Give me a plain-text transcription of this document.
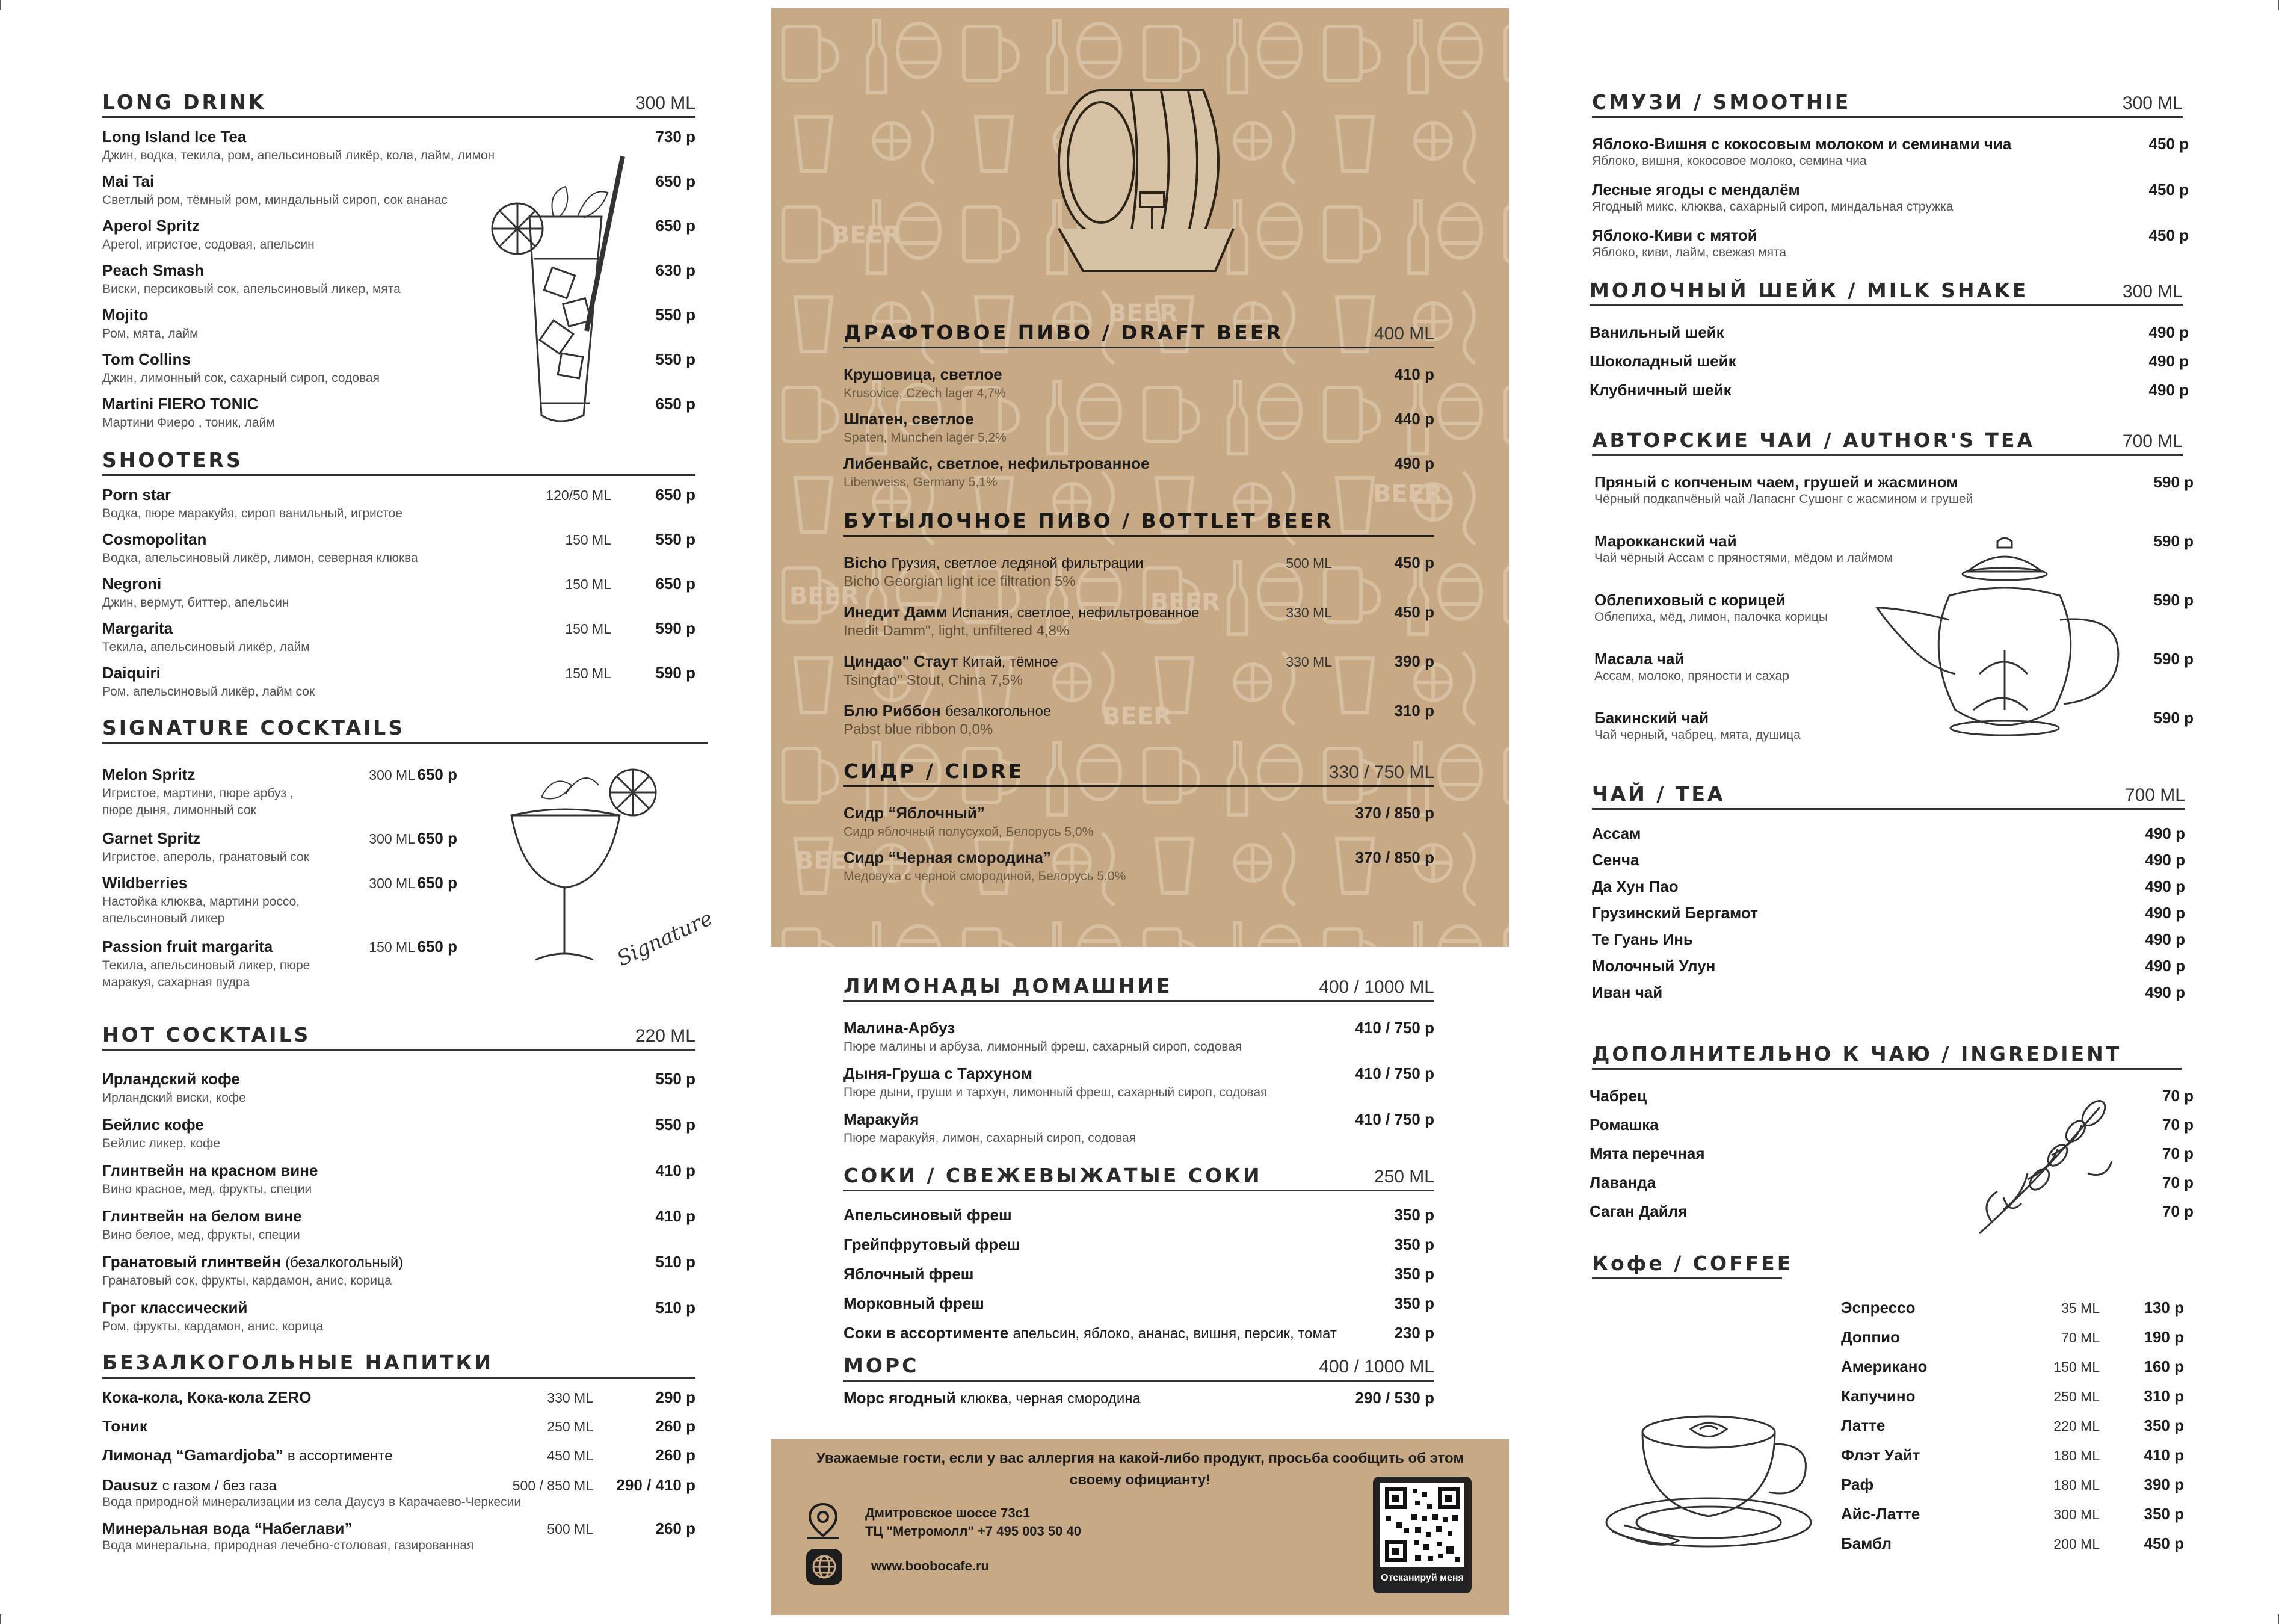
LONG DRINK	300 ML
Long Island Ice Tea
Джин, водка, текила, ром, апельсиновый ликёр, кола, лайм, лимон
730 р
Mai Tai
Светлый ром, тёмный ром, миндальный сироп, сок ананас
650 р
Aperol Spritz
Aperol, игристое, содовая, апельсин
650 р
Peach Smash
Виски, персиковый сок, апельсиновый ликер, мята
630 р
Mojito
Ром, мята, лайм
550 р
Tom Collins
Джин, лимонный сок, сахарный сироп, содовая
550 р
Martini FIERO TONIC
Мартини Фиеро , тоник, лайм
650 р
SHOOTERS
Porn star
Водка, пюре маракуйя, сироп ванильный, игристое
120/50 ML	650 р
Cosmopolitan
Водка, апельсиновый ликёр, лимон, северная клюква
150 ML	550 р
Negroni
Джин, вермут, биттер, апельсин
150 ML	650 р
Margarita
Текила, апельсиновый ликёр, лайм
150 ML	590 р
Daiquiri
Ром, апельсиновый ликёр, лайм сок
150 ML	590 р
SIGNATURE COCKTAILS
Melon Spritz
Игристое, мартини, пюре арбуз ,
пюре дыня, лимонный сок
300 ML 650 р
Garnet Spritz
Игристое, апероль, гранатовый сок
300 ML 650 р
Wildberries
Настойка клюква, мартини россо,
апельсиновый ликер
300 ML 650 р
Passion fruit margarita
Текила, апельсиновый ликер, пюре
маракуя, сахарная пудра
150 ML 650 р	Signature
HOT COCKTAILS	220 ML
Ирландский кофе
Ирландский виски, кофе
550 р
Бейлис кофе
Бейлис ликер, кофе
550 р
Глинтвейн на красном вине
Вино красное, мед, фрукты, специи
410 р
Глинтвейн на белом вине
Вино белое, мед, фрукты, специи
410 р
Гранатовый глинтвейн (безалкогольный)
Гранатовый сок, фрукты, кардамон, анис, корица
510 р
Грог классический
Ром, фрукты, кардамон, анис, корица
510 р
БЕЗАЛКОГОЛЬНЫЕ НАПИТКИ
Кока-кола, Кока-кола ZERO	330 ML	290 р
Тоник	250 ML	260 р
Лимонад “Gamardjoba” в ассортименте	450 ML	260 р
Dausuz с газом / без газа
Вода природной минерализации из села Даусуз в Карачаево-Черкесии
500 / 850 ML 290 / 410 р
Минеральная вода “Набеглави”
Вода минеральна, природная лечебно-столовая, газированная
500 ML	260 р
BEER
BEER
BEER
BEER
BEER
BEER
BEER
ДРАФТОВОЕ ПИВО / DRAFT BEER	400 ML
Крушовица, светлое
Krusovice, Czech lager 4,7%
410 р
Шпатен, светлое
Spaten, Munchen lager 5,2%
440 р
Либенвайс, светлое, нефильтрованное
Libenweiss, Germany 5,1%
490 р
БУТЫЛОЧНОЕ ПИВО / BOTTLET BEER
Bicho Грузия, светлое ледяной фильтрации
Bicho Georgian light ice filtration 5%
500 ML	450 р
Инедит Дамм Испания, светлое, нефильтрованное
Inedit Damm", light, unfiltered 4,8%
330 ML	450 р
Циндао" Стаут Китай, тёмное
Tsingtao" Stout, China 7,5%
330 ML	390 р
Блю Риббон безалкогольное
Pabst blue ribbon 0,0%
310 р
СИДР / CIDRE	330 / 750 ML
Сидр “Яблочный”
Сидр яблочный полусухой, Белорусь 5,0%
370 / 850 р
Сидр “Черная смородина”
Медовуха с черной смородиной, Белорусь 5,0%
370 / 850 р
ЛИМОНАДЫ ДОМАШНИЕ	400 / 1000 ML
Малина-Арбуз
Пюре малины и арбуза, лимонный фреш, сахарный сироп, содовая
410 / 750 р
Дыня-Груша с Тархуном
Пюре дыни, груши и тархун, лимонный фреш, сахарный сироп, содовая
410 / 750 р
Маракуйя
Пюре маракуйя, лимон, сахарный сироп, содовая
410 / 750 р
СОКИ / СВЕЖЕВЫЖАТЫЕ СОКИ	250 ML
Апельсиновый фреш	350 р
Грейпфрутовый фреш	350 р
Яблочный фреш	350 р
Морковный фреш	350 р
Соки в ассортименте апельсин, яблоко, ананас, вишня, персик, томат	230 р
МОРС	400 / 1000 ML
Морс ягодный клюква, черная смородина	290 / 530 р
Уважаемые гости, если у вас аллергия на какой-либо продукт, просьба сообщить об этом своему официанту!
Дмитровское шоссе 73с1
ТЦ "Метромолл" +7 495 003 50 40
www.boobocafe.ru
Отсканируй меня
СМУЗИ / SMOOTHIE	300 ML
Яблоко-Вишня с кокосовым молоком и семинами чиа
Яблоко, вишня, кокосовое молоко, семина чиа
450 р
Лесные ягоды с мендалём
Ягодный микс, клюква, сахарный сироп, миндальная стружка
450 р
Яблоко-Киви с мятой
Яблоко, киви, лайм, свежая мята
450 р
МОЛОЧНЫЙ ШЕЙК / MILK SHAKE	300 ML
Ванильный шейк	490 р
Шоколадный шейк	490 р
Клубничный шейк	490 р
АВТОРСКИЕ ЧАИ / AUTHOR'S TEA	700 ML
Пряный с копченым чаем, грушей и жасмином
Чёрный подкапчёный чай Лапаснг Сушонг с жасмином и грушей
590 р
Марокканский чай
Чай чёрный Ассам с пряностями, мёдом и лаймом
590 р
Облепиховый с корицей
Облепиха, мёд, лимон, палочка корицы
590 р
Масала чай
Ассам, молоко, пряности и сахар
590 р
Бакинский чай
Чай черный, чабрец, мята, душица
590 р
ЧАЙ / TEA	700 ML
Ассам	490 р
Сенча	490 р
Да Хун Пао	490 р
Грузинский Бергамот	490 р
Те Гуань Инь	490 р
Молочный Улун	490 р
Иван чай	490 р
ДОПОЛНИТЕЛЬНО К ЧАЮ / INGREDIENT
Чабрец	70 р
Ромашка	70 р
Мята перечная	70 р
Лаванда	70 р
Саган Дайля	70 р
Кофе / COFFEE
Эспрессо	35 ML	130 р
Доппио	70 ML	190 р
Американо	150 ML	160 р
Капучино	250 ML	310 р
Латте	220 ML	350 р
Флэт Уайт	180 ML	410 р
Раф	180 ML	390 р
Айс-Латте	300 ML	350 р
Бамбл	200 ML	450 р
